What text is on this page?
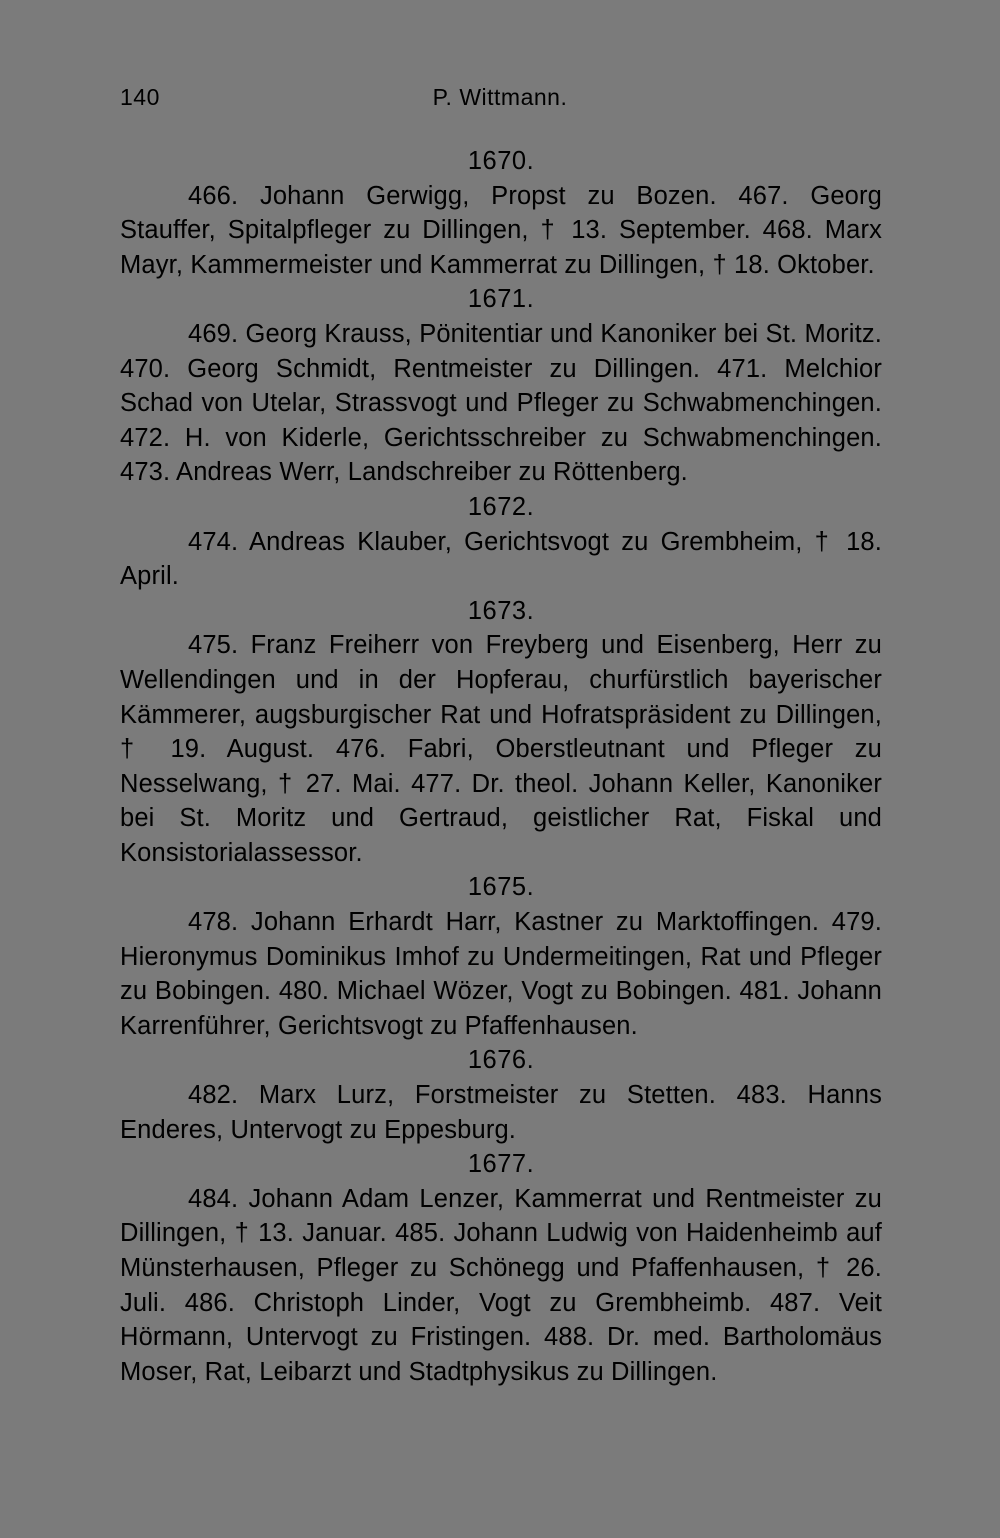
140	P. Wittmann.
1670.

466. Johann Gerwigg, Propst zu Bozen. 467. Georg Stauffer, Spitalpfleger zu Dillingen, † 13. September. 468. Marx Mayr, Kammermeister und Kammerrat zu Dillingen, † 18. Oktober.

1671.

469. Georg Krauss, Pönitentiar und Kanoniker bei St. Moritz. 470. Georg Schmidt, Rentmeister zu Dillingen. 471. Melchior Schad von Utelar, Strassvogt und Pfleger zu Schwabmenchingen. 472. H. von Kiderle, Gerichtsschreiber zu Schwabmenchingen. 473. Andreas Werr, Landschreiber zu Röttenberg.

1672.

474. Andreas Klauber, Gerichtsvogt zu Grembheim, † 18. April.

1673.

475. Franz Freiherr von Freyberg und Eisenberg, Herr zu Wellendingen und in der Hopferau, churfürstlich bayerischer Kämmerer, augsburgischer Rat und Hofratspräsident zu Dillingen, † 19. August. 476. Fabri, Oberstleutnant und Pfleger zu Nesselwang, † 27. Mai. 477. Dr. theol. Johann Keller, Kanoniker bei St. Moritz und Gertraud, geistlicher Rat, Fiskal und Konsistorialassessor.

1675.

478. Johann Erhardt Harr, Kastner zu Marktoffingen. 479. Hieronymus Dominikus Imhof zu Undermeitingen, Rat und Pfleger zu Bobingen. 480. Michael Wözer, Vogt zu Bobingen. 481. Johann Karrenführer, Gerichtsvogt zu Pfaffenhausen.

1676.

482. Marx Lurz, Forstmeister zu Stetten. 483. Hanns Enderes, Untervogt zu Eppesburg.

1677.

484. Johann Adam Lenzer, Kammerrat und Rentmeister zu Dillingen, † 13. Januar. 485. Johann Ludwig von Haidenheimb auf Münsterhausen, Pfleger zu Schönegg und Pfaffenhausen, † 26. Juli. 486. Christoph Linder, Vogt zu Grembheimb. 487. Veit Hörmann, Untervogt zu Fristingen. 488. Dr. med. Bartholomäus Moser, Rat, Leibarzt und Stadtphysikus zu Dillingen.
